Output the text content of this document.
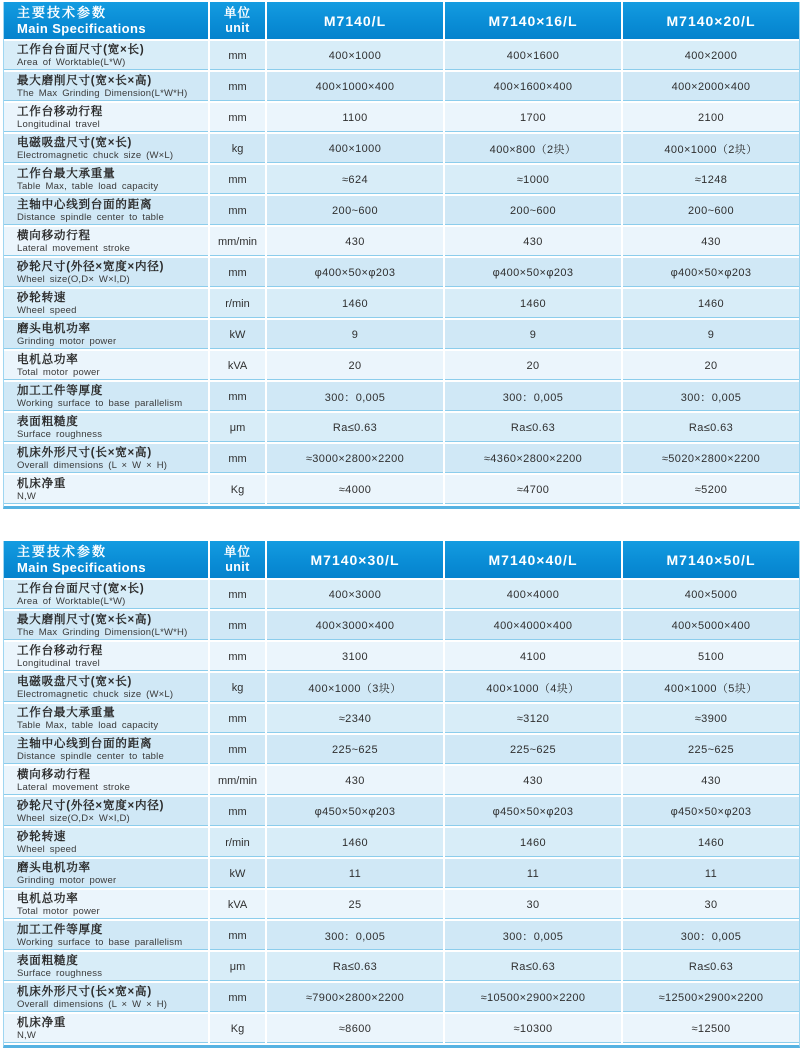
主要技术参数
Main Specifications

单位
unit	M7140/L	M7140×16/L	M7140×20/L

工作台台面尺寸(宽×长)
Area of Worktable(L*W)	mm	400×1000	400×1600	400×2000

最大磨削尺寸(宽×长×高)
The Max Grinding Dimension(L*W*H)	mm	400×1000×400	400×1600×400	400×2000×400

工作台移动行程
Longitudinal travel	mm	1100	1700	2100

电磁吸盘尺寸(宽×长)
Electromagnetic chuck size (W×L)	kg	400×1000	400×800（2块）	400×1000（2块）

工作台最大承重量
Table Max, table load capacity	mm	≈624	≈1000	≈1248

主轴中心线到台面的距离
Distance spindle center to table	mm	200~600	200~600	200~600

横向移动行程
Lateral movement stroke	mm/min	430	430	430

砂轮尺寸(外径×宽度×内径)
Wheel size(O,D× W×I,D)	mm	φ400×50×φ203	φ400×50×φ203	φ400×50×φ203

砂轮转速
Wheel speed	r/min	1460	1460	1460

磨头电机功率
Grinding motor power	kW	9	9	9

电机总功率
Total motor power	kVA	20	20	20

加工工件等厚度
Working surface to base parallelism	mm	300：0,005	300：0,005	300：0,005

表面粗糙度
Surface roughness	μm	Ra≤0.63	Ra≤0.63	Ra≤0.63

机床外形尺寸(长×宽×高)
Overall dimensions (L × W × H)	mm	≈3000×2800×2200	≈4360×2800×2200	≈5020×2800×2200

机床净重
N,W	Kg	≈4000	≈4700	≈5200
主要技术参数
Main Specifications

单位
unit	M7140×30/L	M7140×40/L	M7140×50/L

工作台台面尺寸(宽×长)
Area of Worktable(L*W)	mm	400×3000	400×4000	400×5000

最大磨削尺寸(宽×长×高)
The Max Grinding Dimension(L*W*H)	mm	400×3000×400	400×4000×400	400×5000×400

工作台移动行程
Longitudinal travel	mm	3100	4100	5100

电磁吸盘尺寸(宽×长)
Electromagnetic chuck size (W×L)	kg	400×1000（3块）	400×1000（4块）	400×1000（5块）

工作台最大承重量
Table Max, table load capacity	mm	≈2340	≈3120	≈3900

主轴中心线到台面的距离
Distance spindle center to table	mm	225~625	225~625	225~625

横向移动行程
Lateral movement stroke	mm/min	430	430	430

砂轮尺寸(外径×宽度×内径)
Wheel size(O,D× W×I,D)	mm	φ450×50×φ203	φ450×50×φ203	φ450×50×φ203

砂轮转速
Wheel speed	r/min	1460	1460	1460

磨头电机功率
Grinding motor power	kW	11	11	11

电机总功率
Total motor power	kVA	25	30	30

加工工件等厚度
Working surface to base parallelism	mm	300：0,005	300：0,005	300：0,005

表面粗糙度
Surface roughness	μm	Ra≤0.63	Ra≤0.63	Ra≤0.63

机床外形尺寸(长×宽×高)
Overall dimensions (L × W × H)	mm	≈7900×2800×2200	≈10500×2900×2200	≈12500×2900×2200

机床净重
N,W	Kg	≈8600	≈10300	≈12500
